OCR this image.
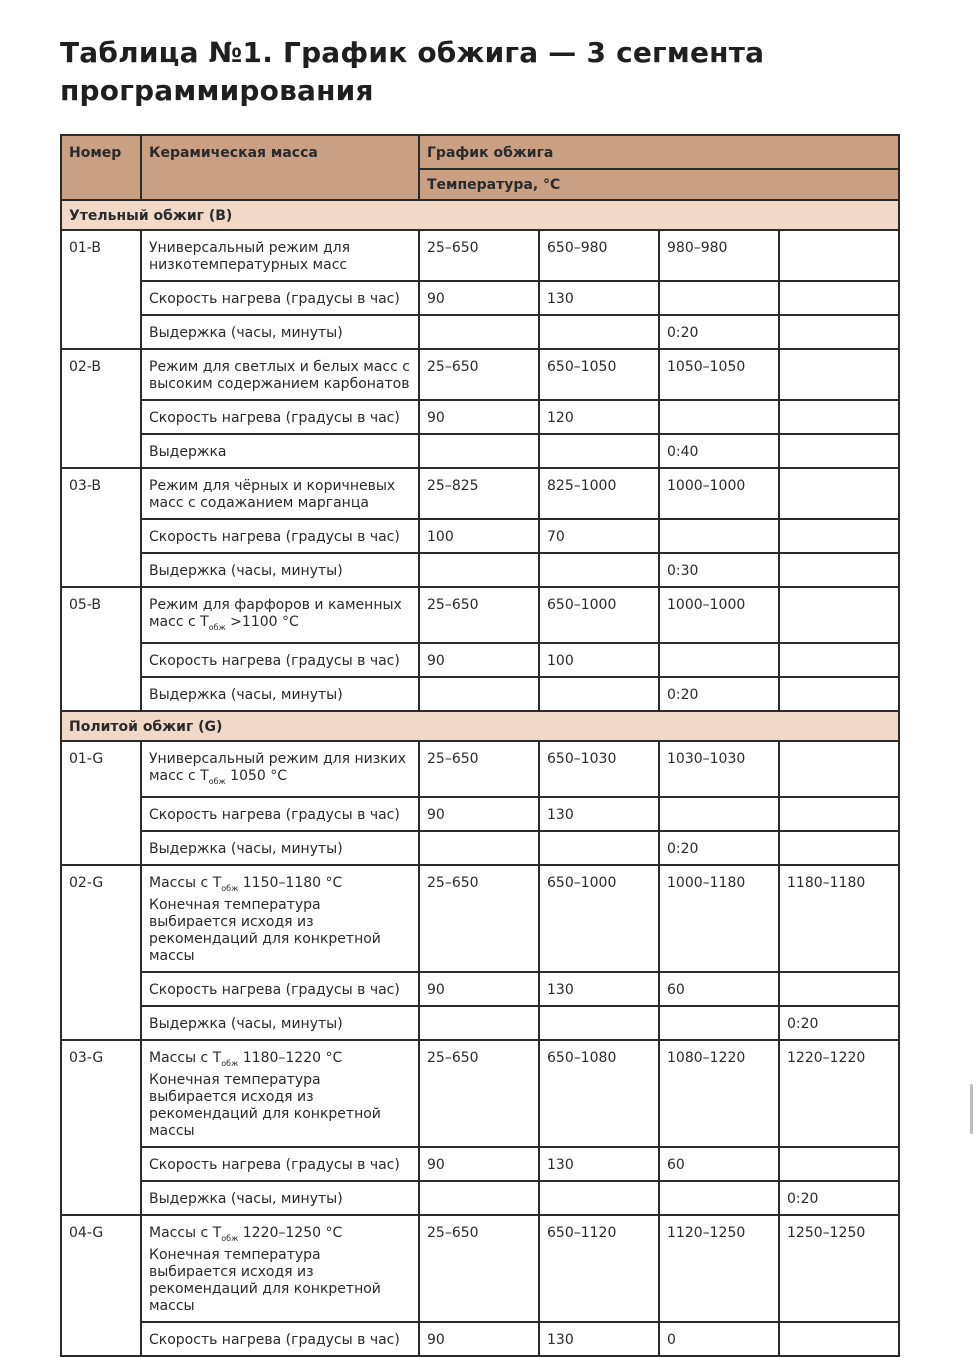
Таблица №1. График обжига — 3 сегмента программирования
Номер	Керамическая масса	График обжига			
		Температура, °С			
Утельный обжиг (B)					
01-B	Универсальный режим для низкотемпературных масс	25–650	650–980	980–980	
	Скорость нагрева (градусы в час)	90	130		
	Выдержка (часы, минуты)			0:20	
02-B	Режим для светлых и белых масс с высоким содержанием карбонатов	25–650	650–1050	1050–1050	
	Скорость нагрева (градусы в час)	90	120		
	Выдержка			0:40	
03-B	Режим для чёрных и коричневых масс с содажанием марганца	25–825	825–1000	1000–1000	
	Скорость нагрева (градусы в час)	100	70		
	Выдержка (часы, минуты)			0:30	
05-B	Режим для фарфоров и каменных масс с $Т_{обж} >1100$ °С	25–650	650–1000	1000–1000	
	Скорость нагрева (градусы в час)	90	100		
	Выдержка (часы, минуты)			0:20	
Политой обжиг (G)					
01-G	Универсальный режим для низких масс с $Т_{обж}$ 1050 °С	25–650	650–1030	1030–1030	
	Скорость нагрева (градусы в час)	90	130		
	Выдержка (часы, минуты)			0:20	
02-G	Массы с $Т_{обж}$ 1150–1180 °С Конечная температура выбирается исходя из рекомендаций для конкретной массы	25–650	650–1000	1000–1180	1180–1180
	Скорость нагрева (градусы в час)	90	130	60	
	Выдержка (часы, минуты)				0:20
03-G	Массы с $Т_{обж}$ 1180–1220 °С Конечная температура выбирается исходя из рекомендаций для конкретной массы	25–650	650–1080	1080–1220	1220–1220
	Скорость нагрева (градусы в час)	90	130	60	
	Выдержка (часы, минуты)				0:20
04-G	Массы с $Т_{обж}$ 1220–1250 °С Конечная температура выбирается исходя из рекомендаций для конкретной массы	25–650	650–1120	1120–1250	1250–1250
	Скорость нагрева (градусы в час)	90	130	0	
